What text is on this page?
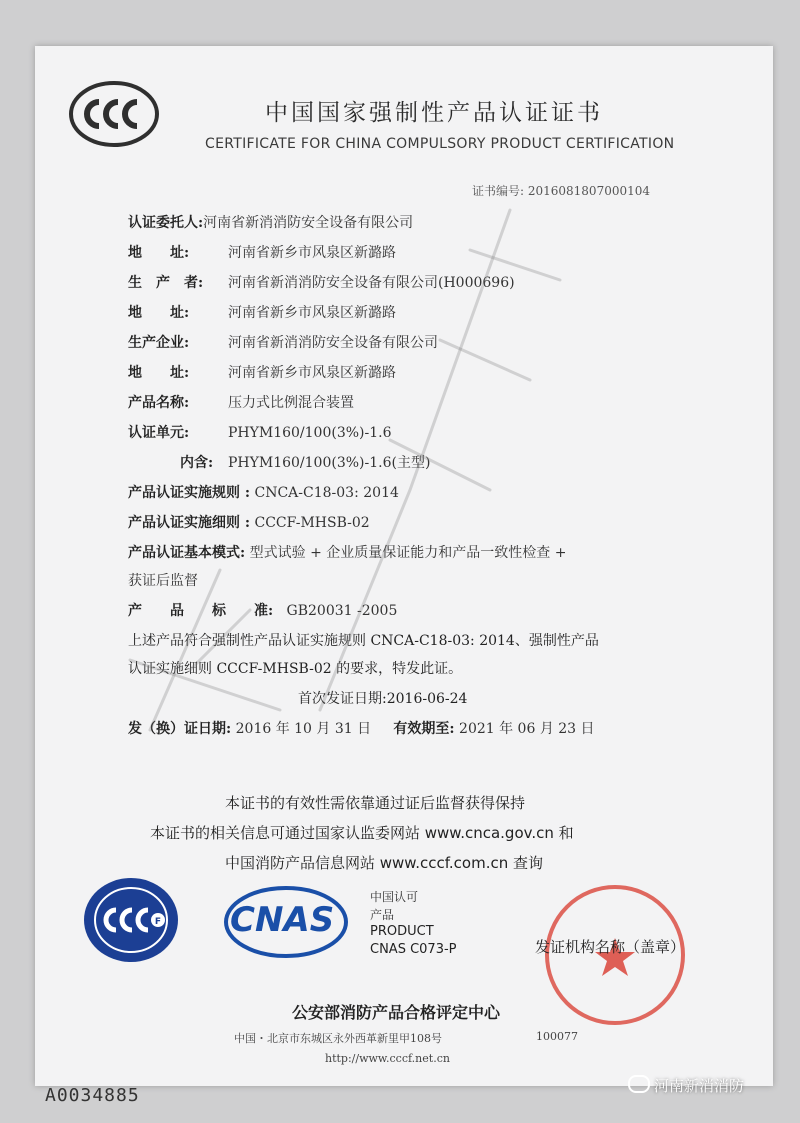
中国国家强制性产品认证证书
CERTIFICATE FOR CHINA COMPULSORY PRODUCT CERTIFICATION
证书编号: 2016081807000104
认证委托人:河南省新消消防安全设备有限公司
地　　址:	河南省新乡市风泉区新潞路
生　产　者: 河南省新消消防安全设备有限公司(H000696)
地　　址:	河南省新乡市风泉区新潞路
生产企业:	河南省新消消防安全设备有限公司
地　　址:	河南省新乡市风泉区新潞路
产品名称:	压力式比例混合装置
认证单元:	PHYM160/100(3%)-1.6
内含: PHYM160/100(3%)-1.6(主型)
产品认证实施规则 : CNCA-C18-03: 2014
产品认证实施细则 : CCCF-MHSB-02
产品认证基本模式: 型式试验 + 企业质量保证能力和产品一致性检查 +
获证后监督
产　　品　　标　　准: GB20031 -2005
上述产品符合强制性产品认证实施规则 CNCA-C18-03: 2014、强制性产品
认证实施细则 CCCF-MHSB-02 的要求，特发此证。
首次发证日期:2016-06-24
发（换）证日期: 2016 年 10 月 31 日 有效期至: 2021 年 06 月 23 日
本证书的有效性需依靠通过证后监督获得保持
本证书的相关信息可通过国家认监委网站 www.cnca.gov.cn 和
中国消防产品信息网站 www.cccf.com.cn 查询
F CNAS
中国认可
产品
PRODUCT
CNAS C073-P	发证机构名称（盖章）
公安部消防产品合格评定中心
中国・北京市东城区永外西革新里甲108号	100077
http://www.cccf.net.cn
A0034885	河南新消消防
